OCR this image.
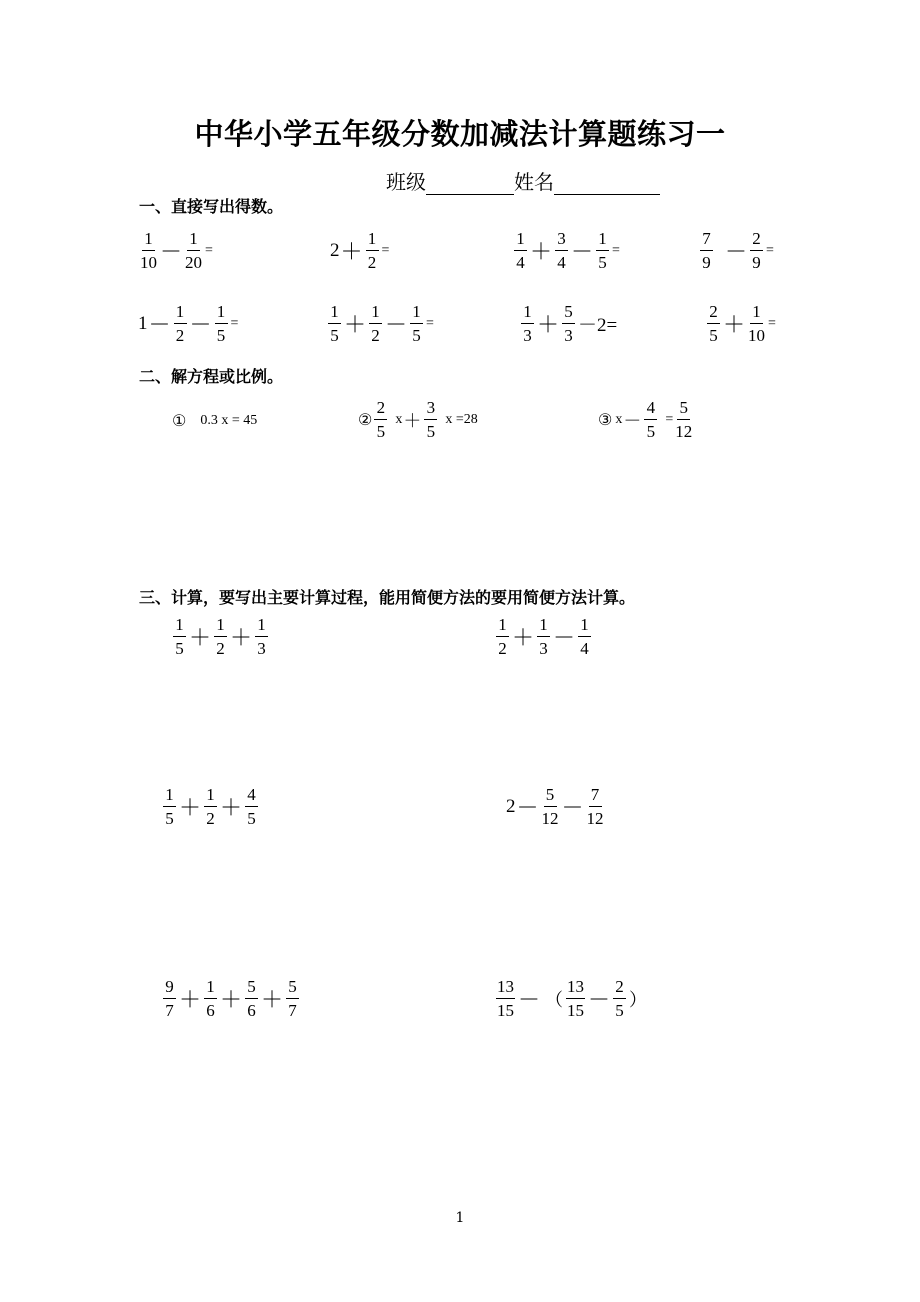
中华小学五年级分数加减法计算题练习一
班级	姓名
一、直接写出得数。
$\frac{1}{10} - \frac{1}{20}$ =	$2 + \frac{1}{2}$ =	$\frac{1}{4} + \frac{3}{4} - \frac{1}{5}$ =	$\frac{7}{9} - \frac{2}{9}$ =
$1 - \frac{1}{2} - \frac{1}{5}$ =	$\frac{1}{5} + \frac{1}{2} - \frac{1}{5}$ =	$\frac{1}{3} + \frac{5}{3} -2=$	$\frac{2}{5} + \frac{1}{10}$ =
二、解方程或比例。
① 0.3 x = 45	② $\frac{2}{5}$ $x + \frac{3}{5}$ x =28	③ $x - \frac{4}{5} = \frac{5}{12}$
三、计算，要写出主要计算过程，能用简便方法的要用简便方法计算。
$\frac{1}{5} + \frac{1}{2} + \frac{1}{3}$	$\frac{1}{2} + \frac{1}{3} - \frac{1}{4}$
$\frac{1}{5} + \frac{1}{2} + \frac{4}{5}$	$2 - \frac{5}{12} - \frac{7}{12}$
$\frac{9}{7} + \frac{1}{6} + \frac{5}{6} + \frac{5}{7}$	$\frac{13}{15}$ － （ $\frac{13}{15} - \frac{2}{5}$ ）
1
